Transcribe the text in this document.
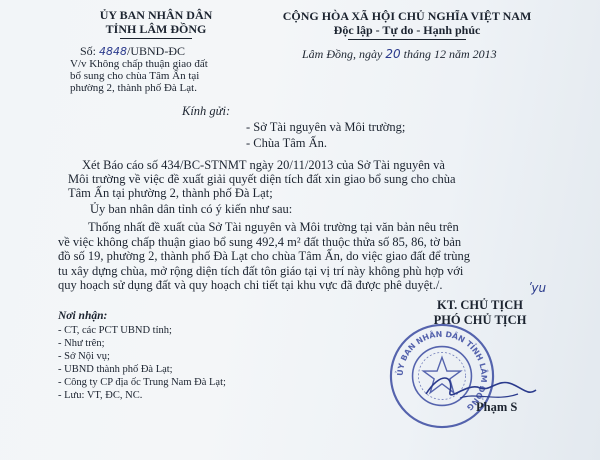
ỦY BAN NHÂN DÂN
TỈNH LÂM ĐỒNG
Số: 4848/UBND-ĐC
V/v Không chấp thuận giao đất
bổ sung cho chùa Tâm Ấn tại
phường 2, thành phố Đà Lạt.
CỘNG HÒA XÃ HỘI CHỦ NGHĨA VIỆT NAM
Độc lập - Tự do - Hạnh phúc
Lâm Đồng, ngày 20 tháng 12 năm 2013
Kính gửi:
- Sở Tài nguyên và Môi trường;
- Chùa Tâm Ấn.
Xét Báo cáo số 434/BC-STNMT ngày 20/11/2013 của Sở Tài nguyên và
Môi trường về việc đề xuất giải quyết diện tích đất xin giao bổ sung cho chùa
Tâm Ấn tại phường 2, thành phố Đà Lạt;
Ủy ban nhân dân tỉnh có ý kiến như sau:
Thống nhất đề xuất của Sở Tài nguyên và Môi trường tại văn bản nêu trên
về việc không chấp thuận giao bổ sung 492,4 m² đất thuộc thửa số 85, 86, tờ bản
đồ số 19, phường 2, thành phố Đà Lạt cho chùa Tâm Ấn, do việc giao đất để trùng
tu xây dựng chùa, mở rộng diện tích đất tôn giáo tại vị trí này không phù hợp với
quy hoạch sử dụng đất và quy hoạch chi tiết tại khu vực đã được phê duyệt./.	ʹyu
Nơi nhận:
- CT, các PCT UBND tỉnh;
- Như trên;
- Sở Nội vụ;
- UBND thành phố Đà Lạt;
- Công ty CP địa ốc Trung Nam Đà Lạt;
- Lưu: VT, ĐC, NC.
KT. CHỦ TỊCH
PHÓ CHỦ TỊCH
ỦY BAN NHÂN DÂN TỈNH LÂM ĐỒNG Phạm S
